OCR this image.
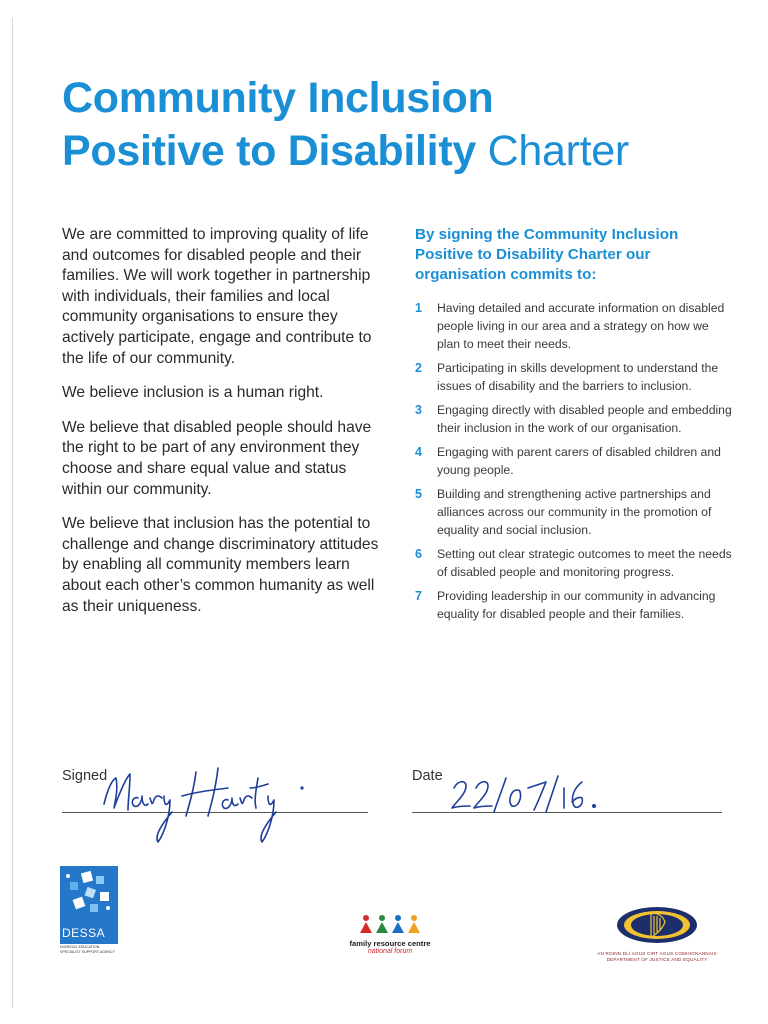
Community Inclusion
Positive to Disability Charter

We are committed to improving quality of life and outcomes for disabled people and their families. We will work together in partnership with individuals, their families and local community organisations to ensure they actively participate, engage and contribute to the life of our community.

We believe inclusion is a human right.

We believe that disabled people should have the right to be part of any environment they choose and share equal value and status within our community.

We believe that inclusion has the potential to challenge and change discriminatory attitudes by enabling all community members learn about each other’s common humanity as well as their uniqueness.

By signing the Community Inclusion Positive to Disability Charter our organisation commits to:
1	Having detailed and accurate information on disabled people living in our area and a strategy on how we plan to meet their needs.
2	Participating in skills development to understand the issues of disability and the barriers to inclusion.
3	Engaging directly with disabled people and embedding their inclusion in the work of our organisation.
4	Engaging with parent carers of disabled children and young people.
5	Building and strengthening active partnerships and alliances across our community in the promotion of equality and social inclusion.
6	Setting out clear strategic outcomes to meet the needs of disabled people and monitoring progress.
7	Providing leadership in our community in advancing equality for disabled people and their families.
Signed	Date
DESSA
DONEGAL EDUCATION SPECIALIST SUPPORT AGENCY
family resource centre
national forum	AN ROINN DLÍ AGUS CIRT AGUS COMHIONANNAIS
DEPARTMENT OF JUSTICE AND EQUALITY
